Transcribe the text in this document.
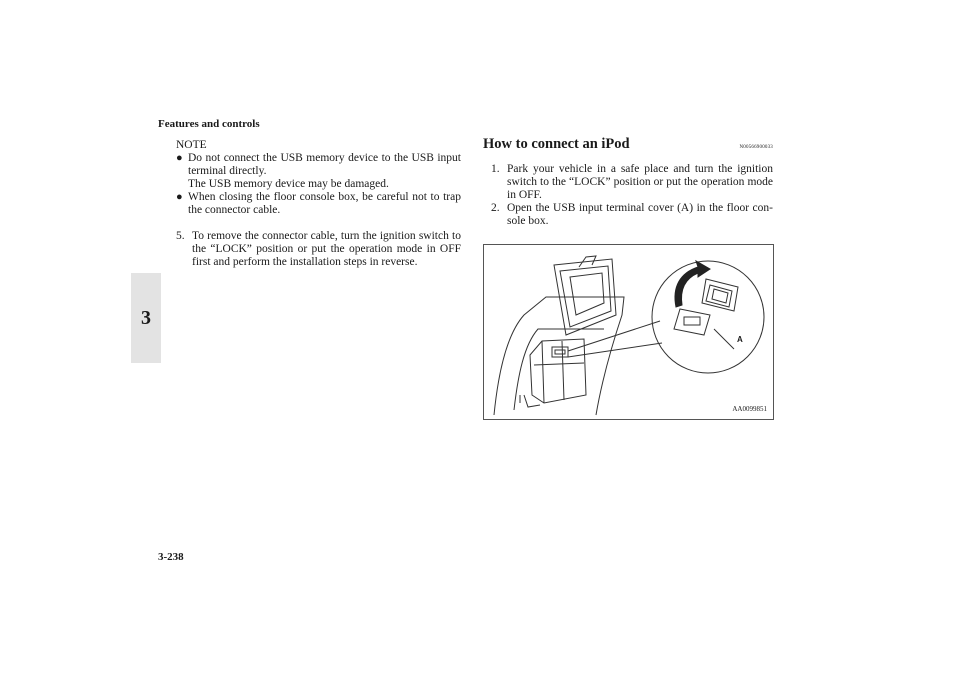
Features and controls
3
NOTE
● Do not connect the USB memory device to the USB input terminal directly.
The USB memory device may be damaged.
● When closing the floor console box, be careful not to trap the connector cable.
5. To remove the connector cable, turn the ignition switch to the “LOCK” position or put the operation mode in OFF first and perform the installation steps in reverse.
How to connect an iPod	N00566900033
1. Park your vehicle in a safe place and turn the ignition switch to the “LOCK” position or put the operation mode in OFF.
2. Open the USB input terminal cover (A) in the floor con-sole box.
A
AA0099851
3-238
